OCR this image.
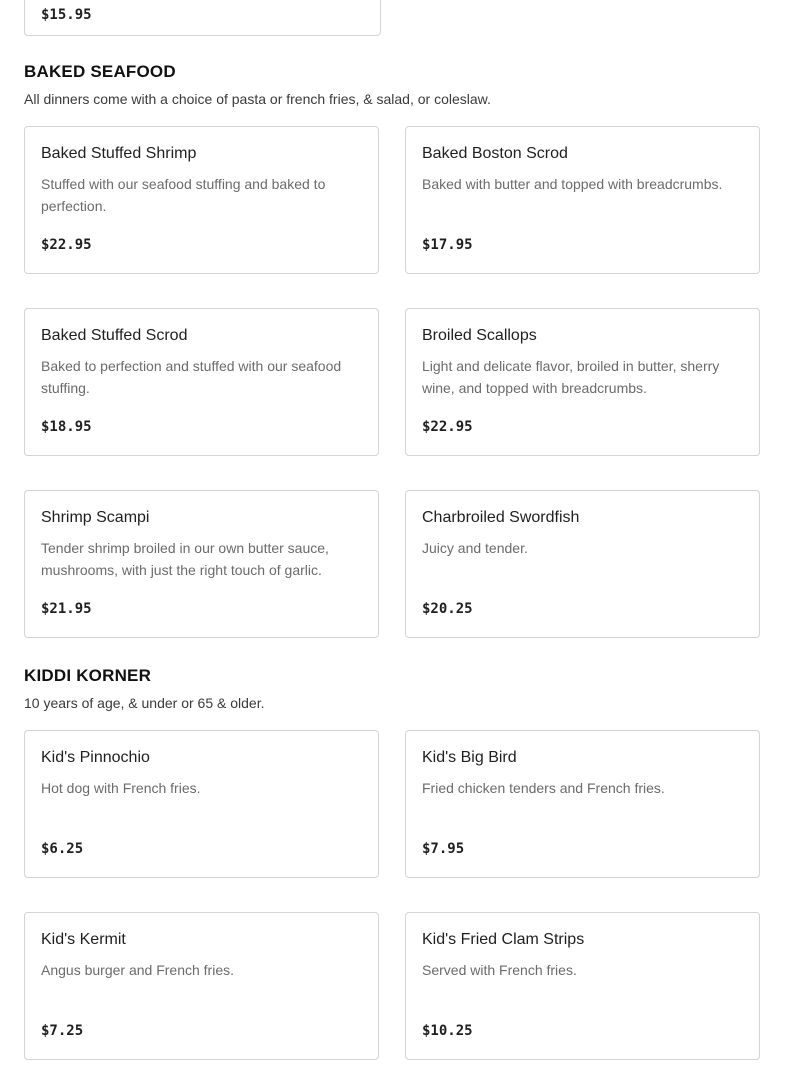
$15.95
BAKED SEAFOOD
All dinners come with a choice of pasta or french fries, & salad, or coleslaw.
Baked Stuffed Shrimp
Stuffed with our seafood stuffing and baked to perfection.
$22.95
Baked Boston Scrod
Baked with butter and topped with breadcrumbs.
$17.95
Baked Stuffed Scrod
Baked to perfection and stuffed with our seafood stuffing.
$18.95
Broiled Scallops
Light and delicate flavor, broiled in butter, sherry wine, and topped with breadcrumbs.
$22.95
Shrimp Scampi
Tender shrimp broiled in our own butter sauce, mushrooms, with just the right touch of garlic.
$21.95
Charbroiled Swordfish
Juicy and tender.
$20.25
KIDDI KORNER
10 years of age, & under or 65 & older.
Kid's Pinnochio
Hot dog with French fries.
$6.25
Kid's Big Bird
Fried chicken tenders and French fries.
$7.95
Kid's Kermit
Angus burger and French fries.
$7.25
Kid's Fried Clam Strips
Served with French fries.
$10.25
